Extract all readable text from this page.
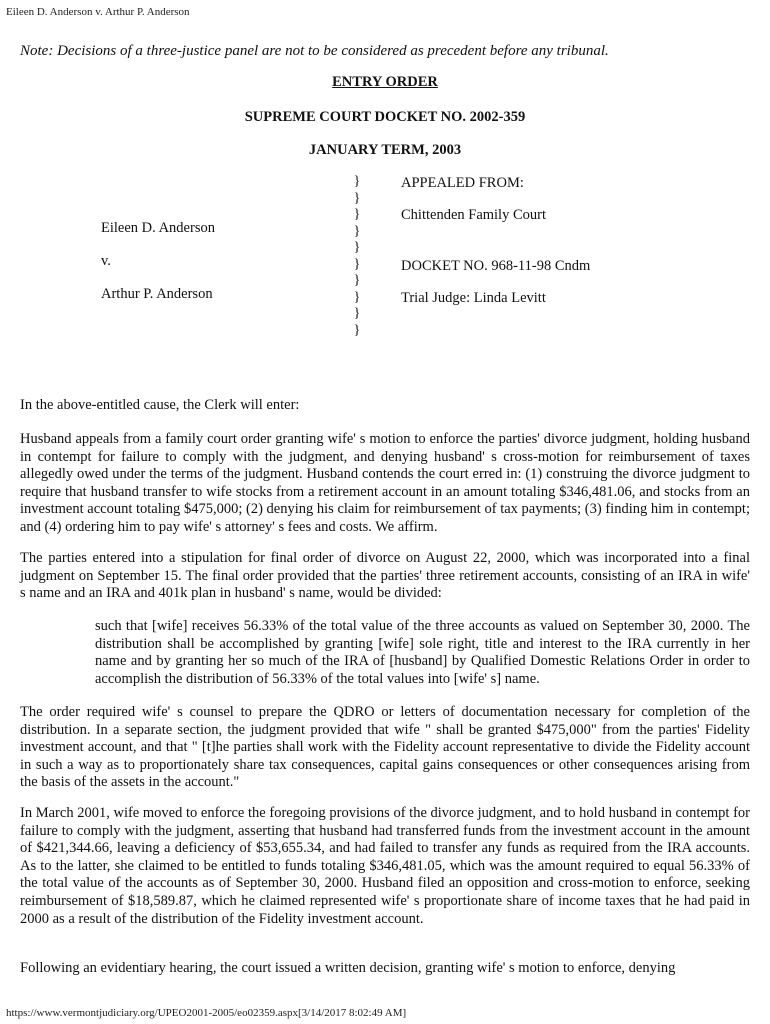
Eileen D. Anderson v. Arthur P. Anderson
Note: Decisions of a three-justice panel are not to be considered as precedent before any tribunal.
ENTRY ORDER
SUPREME COURT DOCKET NO. 2002-359
JANUARY TERM, 2003
Eileen D. Anderson
v.
Arthur P. Anderson
}
}
}
}
}
}
}
}
}
}
APPEALED FROM:
Chittenden Family Court
DOCKET NO. 968-11-98 Cndm
Trial Judge: Linda Levitt

In the above-entitled cause, the Clerk will enter:

Husband appeals from a family court order granting wife' s motion to enforce the parties' divorce judgment, holding husband in contempt for failure to comply with the judgment, and denying husband' s cross-motion for reimbursement of taxes allegedly owed under the terms of the judgment. Husband contends the court erred in: (1) construing the divorce judgment to require that husband transfer to wife stocks from a retirement account in an amount totaling $346,481.06, and stocks from an investment account totaling $475,000; (2) denying his claim for reimbursement of tax payments; (3) finding him in contempt; and (4) ordering him to pay wife' s attorney' s fees and costs. We affirm.

The parties entered into a stipulation for final order of divorce on August 22, 2000, which was incorporated into a final judgment on September 15. The final order provided that the parties' three retirement accounts, consisting of an IRA in wife' s name and an IRA and 401k plan in husband' s name, would be divided:

such that [wife] receives 56.33% of the total value of the three accounts as valued on September 30, 2000. The distribution shall be accomplished by granting [wife] sole right, title and interest to the IRA currently in her name and by granting her so much of the IRA of [husband] by Qualified Domestic Relations Order in order to accomplish the distribution of 56.33% of the total values into [wife' s] name.

The order required wife' s counsel to prepare the QDRO or letters of documentation necessary for completion of the distribution. In a separate section, the judgment provided that wife " shall be granted $475,000" from the parties' Fidelity investment account, and that " [t]he parties shall work with the Fidelity account representative to divide the Fidelity account in such a way as to proportionately share tax consequences, capital gains consequences or other consequences arising from the basis of the assets in the account."

In March 2001, wife moved to enforce the foregoing provisions of the divorce judgment, and to hold husband in contempt for failure to comply with the judgment, asserting that husband had transferred funds from the investment account in the amount of $421,344.66, leaving a deficiency of $53,655.34, and had failed to transfer any funds as required from the IRA accounts. As to the latter, she claimed to be entitled to funds totaling $346,481.05, which was the amount required to equal 56.33% of the total value of the accounts as of September 30, 2000. Husband filed an opposition and cross-motion to enforce, seeking reimbursement of $18,589.87, which he claimed represented wife' s proportionate share of income taxes that he had paid in 2000 as a result of the distribution of the Fidelity investment account.

Following an evidentiary hearing, the court issued a written decision, granting wife' s motion to enforce, denying

https://www.vermontjudiciary.org/UPEO2001-2005/eo02359.aspx[3/14/2017 8:02:49 AM]
